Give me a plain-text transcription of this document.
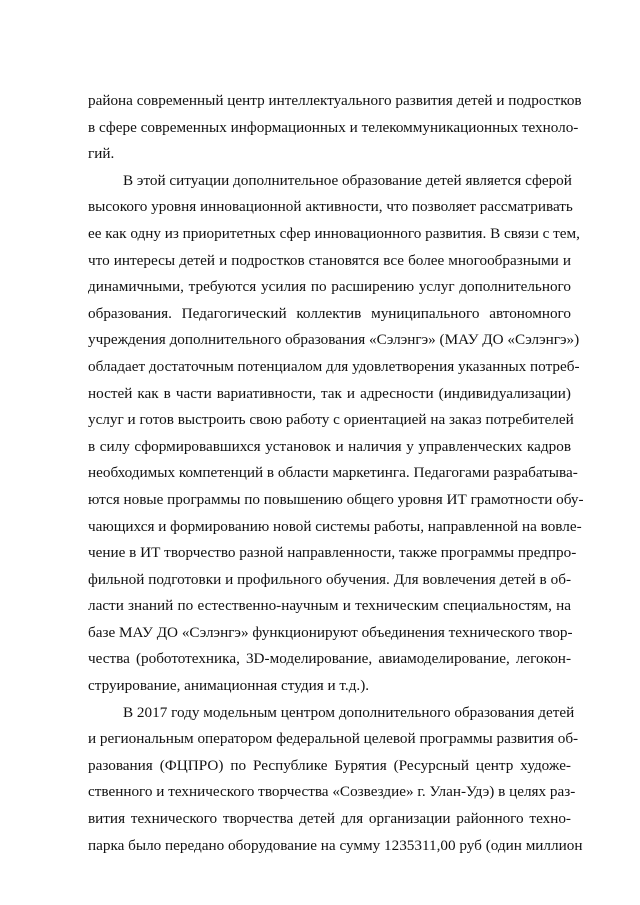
района современный центр интеллектуального развития детей и подростков
в сфере современных информационных и телекоммуникационных техноло-
гий.
В этой ситуации дополнительное образование детей является сферой
высокого уровня инновационной активности, что позволяет рассматривать
ее как одну из приоритетных сфер инновационного развития. В связи с тем,
что интересы детей и подростков становятся все более многообразными и
динамичными, требуются усилия по расширению услуг дополнительного
образования. Педагогический коллектив муниципального автономного
учреждения дополнительного образования «Сэлэнгэ» (МАУ ДО «Сэлэнгэ»)
обладает достаточным потенциалом для удовлетворения указанных потреб-
ностей как в части вариативности, так и адресности (индивидуализации)
услуг и готов выстроить свою работу с ориентацией на заказ потребителей
в силу сформировавшихся установок и наличия у управленческих кадров
необходимых компетенций в области маркетинга. Педагогами разрабатыва-
ются новые программы по повышению общего уровня ИТ грамотности обу-
чающихся и формированию новой системы работы, направленной на вовле-
чение в ИТ творчество разной направленности, также программы предпро-
фильной подготовки и профильного обучения. Для вовлечения детей в об-
ласти знаний по естественно-научным и техническим специальностям, на
базе МАУ ДО «Сэлэнгэ» функционируют объединения технического твор-
чества (робототехника, 3D-моделирование, авиамоделирование, легокон-
струирование, анимационная студия и т.д.).
В 2017 году модельным центром дополнительного образования детей
и региональным оператором федеральной целевой программы развития об-
разования (ФЦПРО) по Республике Бурятия (Ресурсный центр художе-
ственного и технического творчества «Созвездие» г. Улан-Удэ) в целях раз-
вития технического творчества детей для организации районного техно-
парка было передано оборудование на сумму 1235311,00 руб (один миллион
